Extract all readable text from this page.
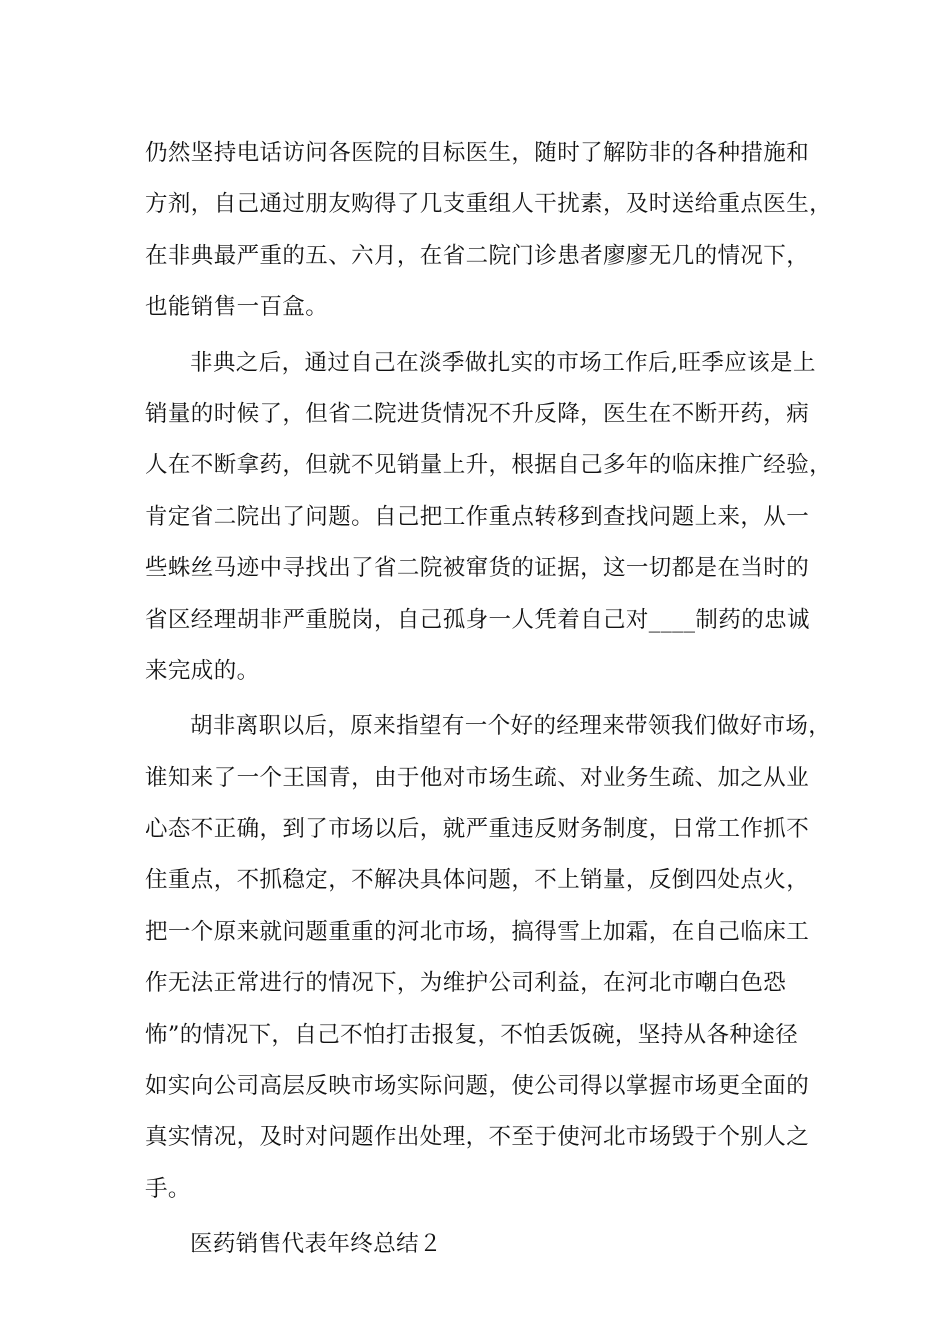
仍然坚持电话访问各医院的目标医生，随时了解防非的各种措施和
方剂，自己通过朋友购得了几支重组人干扰素，及时送给重点医生，
在非典最严重的五、六月，在省二院门诊患者廖廖无几的情况下，
也能销售一百盒。
非典之后，通过自己在淡季做扎实的市场工作后,旺季应该是上
销量的时候了，但省二院进货情况不升反降，医生在不断开药，病
人在不断拿药，但就不见销量上升，根据自己多年的临床推广经验，
肯定省二院出了问题。自己把工作重点转移到查找问题上来，从一
些蛛丝马迹中寻找出了省二院被窜货的证据，这一切都是在当时的
省区经理胡非严重脱岗，自己孤身一人凭着自己对____制药的忠诚
来完成的。
胡非离职以后，原来指望有一个好的经理来带领我们做好市场，
谁知来了一个王国青，由于他对市场生疏、对业务生疏、加之从业
心态不正确，到了市场以后，就严重违反财务制度，日常工作抓不
住重点，不抓稳定，不解决具体问题，不上销量，反倒四处点火，
把一个原来就问题重重的河北市场，搞得雪上加霜，在自己临床工
作无法正常进行的情况下，为维护公司利益，在河北市嘲白色恐
怖”的情况下，自己不怕打击报复，不怕丢饭碗，坚持从各种途径
如实向公司高层反映市场实际问题，使公司得以掌握市场更全面的
真实情况，及时对问题作出处理，不至于使河北市场毁于个别人之
手。
医药销售代表年终总结２
